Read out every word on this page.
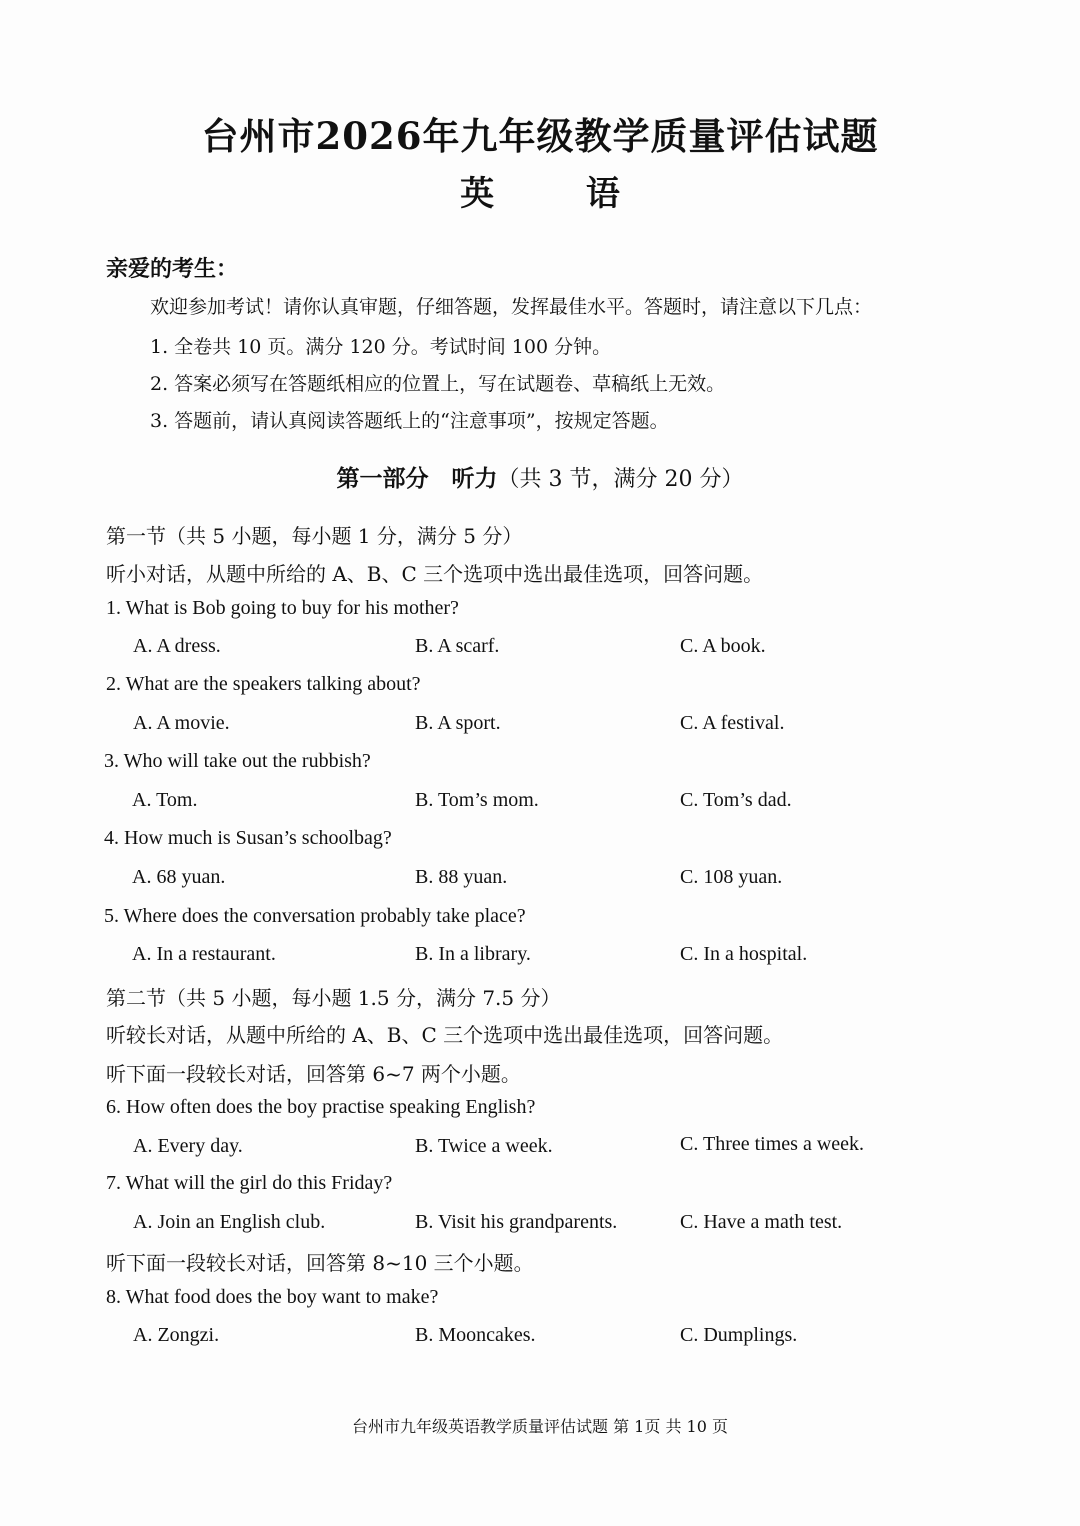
台州市2026年九年级教学质量评估试题
英 语
亲爱的考生：
欢迎参加考试！请你认真审题，仔细答题，发挥最佳水平。答题时，请注意以下几点：
1. 全卷共 10 页。满分 120 分。考试时间 100 分钟。
2. 答案必须写在答题纸相应的位置上，写在试题卷、草稿纸上无效。
3. 答题前，请认真阅读答题纸上的“注意事项”，按规定答题。
第一部分　听力（共 3 节，满分 20 分）
第一节（共 5 小题，每小题 1 分，满分 5 分）
听小对话，从题中所给的 A、B、C 三个选项中选出最佳选项，回答问题。
1. What is Bob going to buy for his mother?
A. A dress.	B. A scarf.	C. A book.
2. What are the speakers talking about?
A. A movie.	B. A sport.	C. A festival.
3. Who will take out the rubbish?
A. Tom.	B. Tom’s mom.	C. Tom’s dad.
4. How much is Susan’s schoolbag?
A. 68 yuan.	B. 88 yuan.	C. 108 yuan.
5. Where does the conversation probably take place?
A. In a restaurant.	B. In a library.	C. In a hospital.
第二节（共 5 小题，每小题 1.5 分，满分 7.5 分）
听较长对话，从题中所给的 A、B、C 三个选项中选出最佳选项，回答问题。
听下面一段较长对话，回答第 6~7 两个小题。
6. How often does the boy practise speaking English?
A. Every day.	B. Twice a week.	C. Three times a week.
7. What will the girl do this Friday?
A. Join an English club.	B. Visit his grandparents.	C. Have a math test.
听下面一段较长对话，回答第 8~10 三个小题。
8. What food does the boy want to make?
A. Zongzi.	B. Mooncakes.	C. Dumplings.
台州市九年级英语教学质量评估试题 第 1页 共 10 页
